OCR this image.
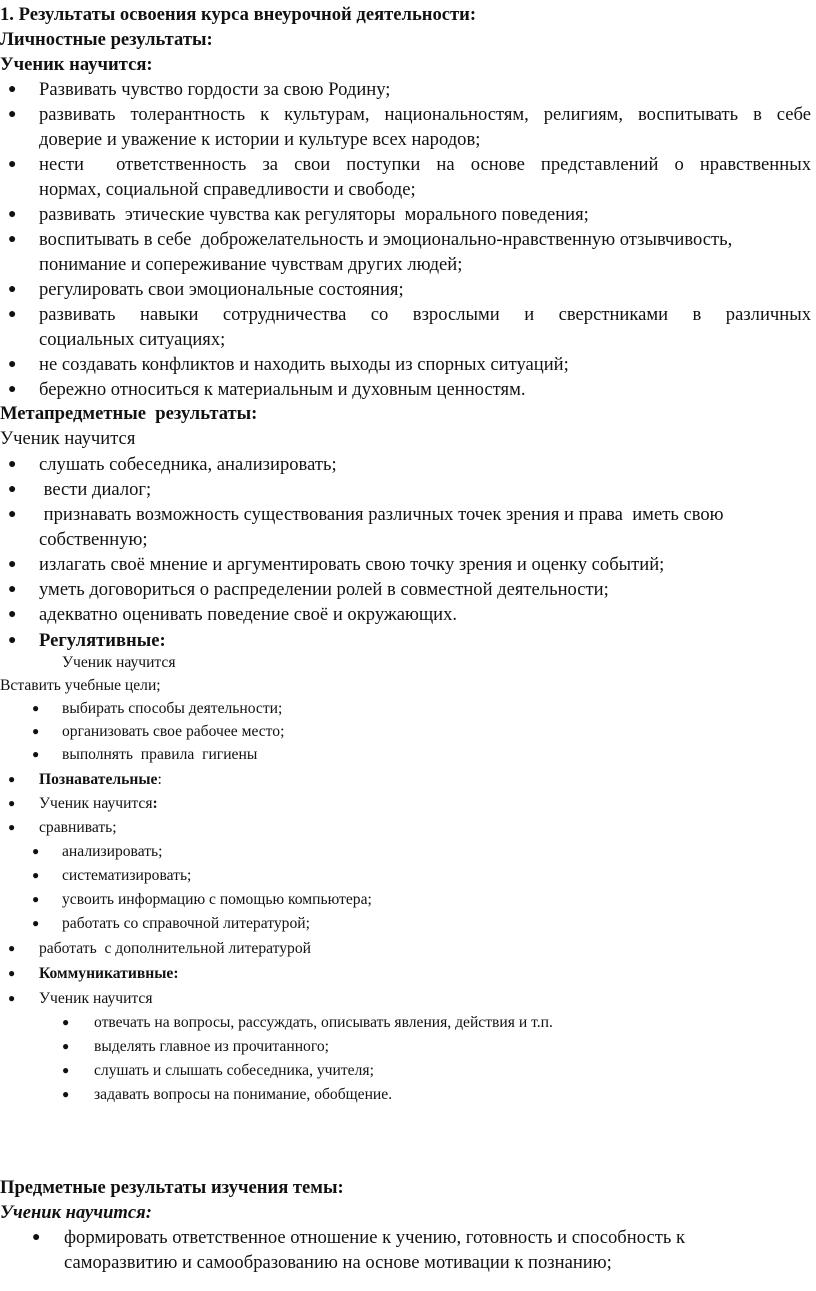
1. Результаты освоения курса внеурочной деятельности:

Личностные результаты:

Ученик научится:

● Развивать чувство гордости за свою Родину;
● развивать толерантность к культурам, национальностям, религиям, воспитывать в себе
доверие и уважение к истории и культуре всех народов;
● нести  ответственность за свои поступки на основе представлений о нравственных
нормах, социальной справедливости и свободе;
● развивать  этические чувства как регуляторы  морального поведения;
● воспитывать в себе  доброжелательность и эмоционально-нравственную отзывчивость,
понимание и сопереживание чувствам других людей;
● регулировать свои эмоциональные состояния;
● развивать навыки сотрудничества со взрослыми и сверстниками в различных
социальных ситуациях;
● не создавать конфликтов и находить выходы из спорных ситуаций;
● бережно относиться к материальным и духовным ценностям.

Метапредметные  результаты:

Ученик научится

● слушать собеседника, анализировать;
● вести диалог;
● признавать возможность существования различных точек зрения и права  иметь свою
собственную;
● излагать своё мнение и аргументировать свою точку зрения и оценку событий;
● уметь договориться о распределении ролей в совместной деятельности;
● адекватно оценивать поведение своё и окружающих.
● Регулятивные:

Ученик научится

Вставить учебные цели;

● выбирать способы деятельности;
● организовать свое рабочее место;
● выполнять  правила  гигиены
● Познавательные:
● Ученик научится:
● сравнивать;
● анализировать;
● систематизировать;
● усвоить информацию с помощью компьютера;
● работать со справочной литературой;
● работать  с дополнительной литературой
● Коммуникативные:
● Ученик научится
● отвечать на вопросы, рассуждать, описывать явления, действия и т.п.
● выделять главное из прочитанного;
● слушать и слышать собеседника, учителя;
● задавать вопросы на понимание, обобщение.

Предметные результаты изучения темы:

Ученик научится:

● формировать ответственное отношение к учению, готовность и способность к
саморазвитию и самообразованию на основе мотивации к познанию;
